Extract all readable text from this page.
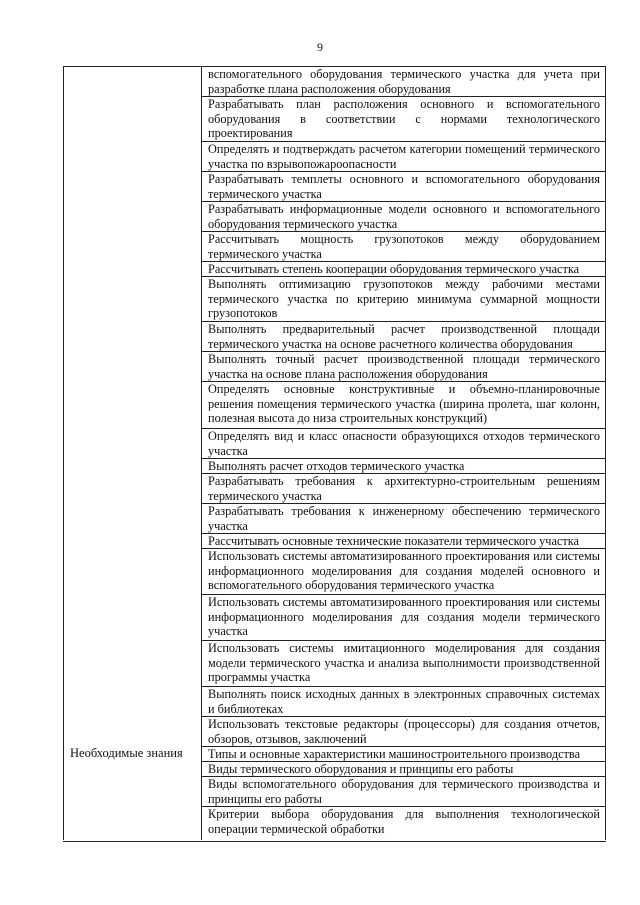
9
Необходимые знания
вспомогательного оборудования термического участка для учета при разработке плана расположения оборудования
Разрабатывать план расположения основного и вспомогательного оборудования в соответствии с нормами технологического проектирования
Определять и подтверждать расчетом категории помещений термического участка по взрывопожароопасности
Разрабатывать темплеты основного и вспомогательного оборудования термического участка
Разрабатывать информационные модели основного и вспомогательного оборудования термического участка
Рассчитывать мощность грузопотоков между оборудованием термического участка
Рассчитывать степень кооперации оборудования термического участка
Выполнять оптимизацию грузопотоков между рабочими местами термического участка по критерию минимума суммарной мощности грузопотоков
Выполнять предварительный расчет производственной площади термического участка на основе расчетного количества оборудования
Выполнять точный расчет производственной площади термического участка на основе плана расположения оборудования
Определять основные конструктивные и объемно-планировочные решения помещения термического участка (ширина пролета, шаг колонн, полезная высота до низа строительных конструкций)
Определять вид и класс опасности образующихся отходов термического участка
Выполнять расчет отходов термического участка
Разрабатывать требования к архитектурно-строительным решениям термического участка
Разрабатывать требования к инженерному обеспечению термического участка
Рассчитывать основные технические показатели термического участка
Использовать системы автоматизированного проектирования или системы информационного моделирования для создания моделей основного и вспомогательного оборудования термического участка
Использовать системы автоматизированного проектирования или системы информационного моделирования для создания модели термического участка
Использовать системы имитационного моделирования для создания модели термического участка и анализа выполнимости производственной программы участка
Выполнять поиск исходных данных в электронных справочных системах и библиотеках
Использовать текстовые редакторы (процессоры) для создания отчетов, обзоров, отзывов, заключений
Типы и основные характеристики машиностроительного производства
Виды термического оборудования и принципы его работы
Виды вспомогательного оборудования для термического производства и принципы его работы
Критерии выбора оборудования для выполнения технологической операции термической обработки
